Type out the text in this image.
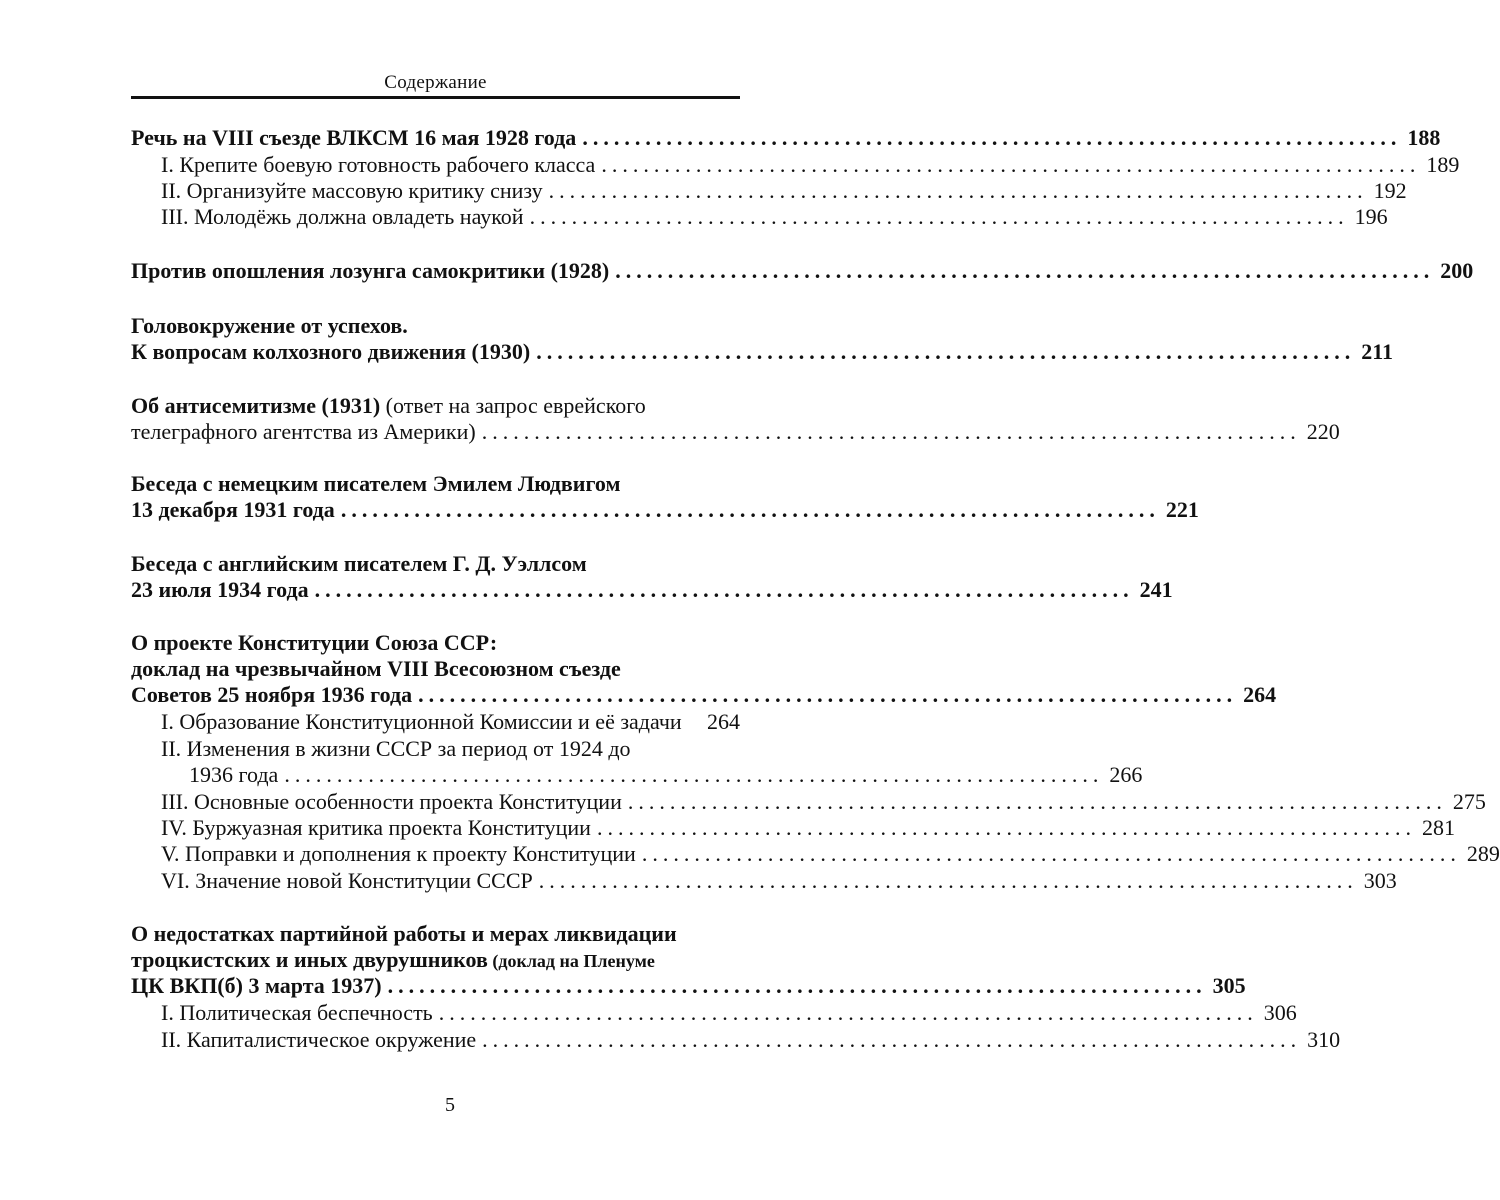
Содержание
Речь на VIII съезде ВЛКСМ 16 мая 1928 года .............................................................................. 188
I. Крепите боевую готовность рабочего класса .............................................................................. 189
II. Организуйте массовую критику снизу .............................................................................. 192
III. Молодёжь должна овладеть наукой .............................................................................. 196
Против опошления лозунга самокритики (1928) .............................................................................. 200
Головокружение от успехов.
К вопросам колхозного движения (1930) .............................................................................. 211
Об антисемитизме (1931) (ответ на запрос еврейского
телеграфного агентства из Америки) .............................................................................. 220
Беседа с немецким писателем Эмилем Людвигом
13 декабря 1931 года .............................................................................. 221
Беседа с английским писателем Г. Д. Уэллсом
23 июля 1934 года .............................................................................. 241
О проекте Конституции Союза ССР:
доклад на чрезвычайном VIII Всесоюзном съезде
Советов 25 ноября 1936 года .............................................................................. 264
I. Образование Конституционной Комиссии и её задачи 264
II. Изменения в жизни СССР за период от 1924 до
1936 года .............................................................................. 266
III. Основные особенности проекта Конституции .............................................................................. 275
IV. Буржуазная критика проекта Конституции .............................................................................. 281
V. Поправки и дополнения к проекту Конституции .............................................................................. 289
VI. Значение новой Конституции СССР .............................................................................. 303
О недостатках партийной работы и мерах ликвидации
троцкистских и иных двурушников (доклад на Пленуме
ЦК ВКП(б) 3 марта 1937) .............................................................................. 305
I. Политическая беспечность .............................................................................. 306
II. Капиталистическое окружение .............................................................................. 310
5
